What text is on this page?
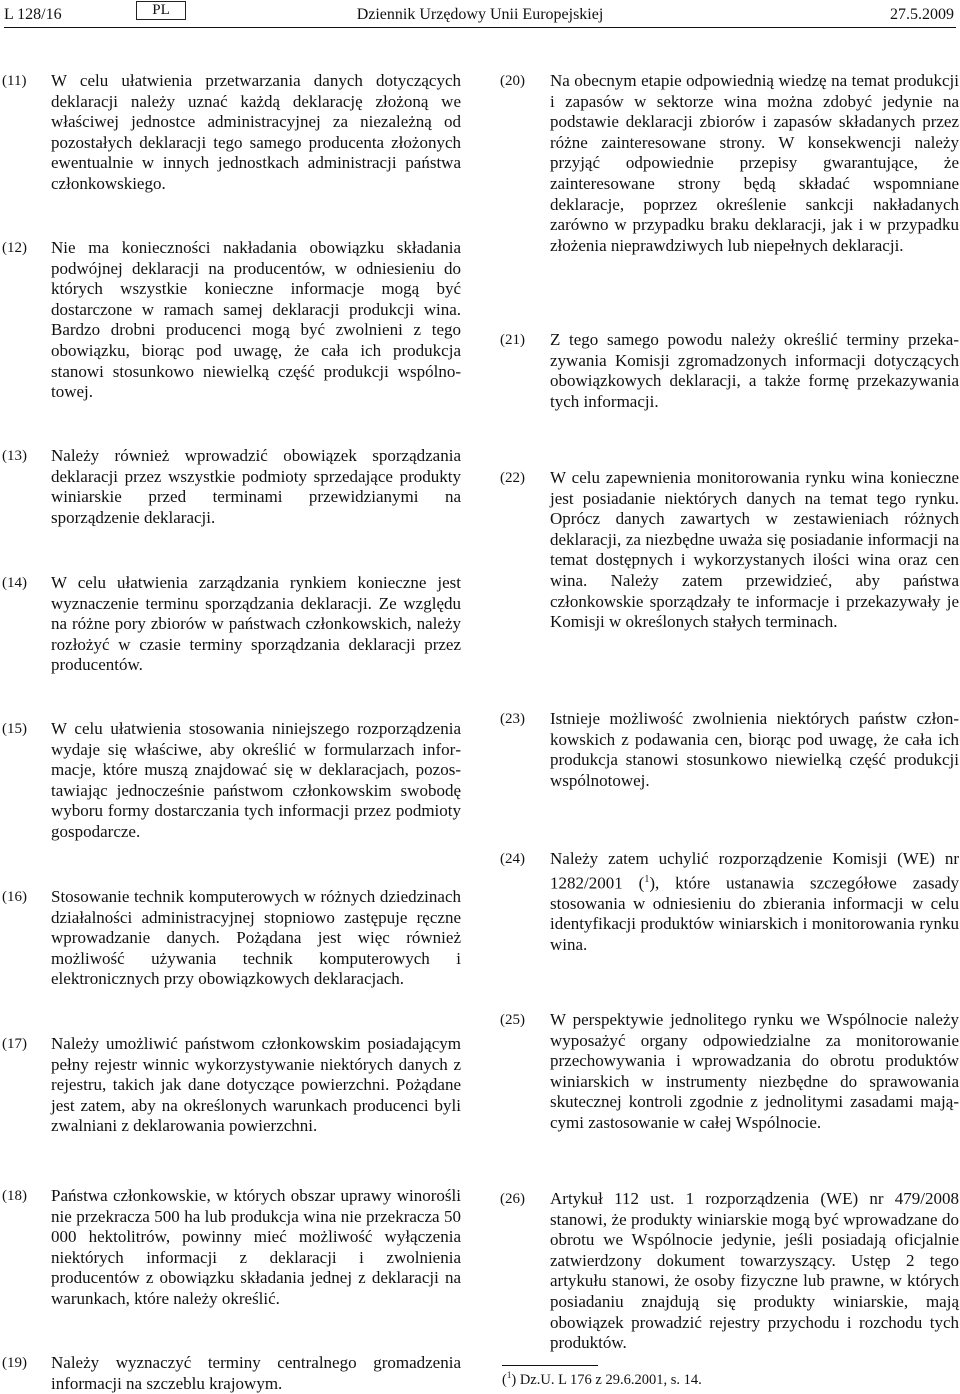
L 128/16	PL	Dziennik Urzędowy Unii Europejskiej	27.5.2009
(11) W celu ułatwienia przetwarzania danych dotyczących deklaracji należy uznać każdą deklarację złożoną we właściwej jednostce administracyjnej za niezależną od pozostałych deklaracji tego samego producenta złożonych ewentualnie w innych jednostkach administracji państwa członkowskiego.
(12) Nie ma konieczności nakładania obowiązku składania podwójnej deklaracji na producentów, w odniesieniu do których wszystkie konieczne informacje mogą być dostarczone w ramach samej deklaracji produkcji wina. Bardzo drobni producenci mogą być zwolnieni z tego obowiązku, biorąc pod uwagę, że cała ich produkcja stanowi stosunkowo niewielką część produkcji wspólnotowej.
(13) Należy również wprowadzić obowiązek sporządzania deklaracji przez wszystkie podmioty sprzedające produkty winiarskie przed terminami przewidzianymi na sporządzenie deklaracji.
(14) W celu ułatwienia zarządzania rynkiem konieczne jest wyznaczenie terminu sporządzania deklaracji. Ze względu na różne pory zbiorów w państwach członkowskich, należy rozłożyć w czasie terminy sporządzania deklaracji przez producentów.
(15) W celu ułatwienia stosowania niniejszego rozporządzenia wydaje się właściwe, aby określić w formularzach informacje, które muszą znajdować się w deklaracjach, pozostawiając jednocześnie państwom członkowskim swobodę wyboru formy dostarczania tych informacji przez podmioty gospodarcze.
(16) Stosowanie technik komputerowych w różnych dziedzinach działalności administracyjnej stopniowo zastępuje ręczne wprowadzanie danych. Pożądana jest więc również możliwość używania technik komputerowych i elektronicznych przy obowiązkowych deklaracjach.
(17) Należy umożliwić państwom członkowskim posiadającym pełny rejestr winnic wykorzystywanie niektórych danych z rejestru, takich jak dane dotyczące powierzchni. Pożądane jest zatem, aby na określonych warunkach producenci byli zwalniani z deklarowania powierzchni.
(18) Państwa członkowskie, w których obszar uprawy winorośli nie przekracza 500 ha lub produkcja wina nie przekracza 50 000 hektolitrów, powinny mieć możliwość wyłączenia niektórych informacji z deklaracji i zwolnienia producentów z obowiązku składania jednej z deklaracji na warunkach, które należy określić.
(19) Należy wyznaczyć terminy centralnego gromadzenia informacji na szczeblu krajowym.
(20) Na obecnym etapie odpowiednią wiedzę na temat produkcji i zapasów w sektorze wina można zdobyć jedynie na podstawie deklaracji zbiorów i zapasów składanych przez różne zainteresowane strony. W konsekwencji należy przyjąć odpowiednie przepisy gwarantujące, że zainteresowane strony będą składać wspomniane deklaracje, poprzez określenie sankcji nakładanych zarówno w przypadku braku deklaracji, jak i w przypadku złożenia nieprawdziwych lub niepełnych deklaracji.
(21) Z tego samego powodu należy określić terminy przekazywania Komisji zgromadzonych informacji dotyczących obowiązkowych deklaracji, a także formę przekazywania tych informacji.
(22) W celu zapewnienia monitorowania rynku wina konieczne jest posiadanie niektórych danych na temat tego rynku. Oprócz danych zawartych w zestawieniach różnych deklaracji, za niezbędne uważa się posiadanie informacji na temat dostępnych i wykorzystanych ilości wina oraz cen wina. Należy zatem przewidzieć, aby państwa członkowskie sporządzały te informacje i przekazywały je Komisji w określonych stałych terminach.
(23) Istnieje możliwość zwolnienia niektórych państw członkowskich z podawania cen, biorąc pod uwagę, że cała ich produkcja stanowi stosunkowo niewielką część produkcji wspólnotowej.
(24) Należy zatem uchylić rozporządzenie Komisji (WE) nr 1282/2001 ($^1$), które ustanawia szczegółowe zasady stosowania w odniesieniu do zbierania informacji w celu identyfikacji produktów winiarskich i monitorowania rynku wina.
(25) W perspektywie jednolitego rynku we Wspólnocie należy wyposażyć organy odpowiedzialne za monitorowanie przechowywania i wprowadzania do obrotu produktów winiarskich w instrumenty niezbędne do sprawowania skutecznej kontroli zgodnie z jednolitymi zasadami mającymi zastosowanie w całej Wspólnocie.
(26) Artykuł 112 ust. 1 rozporządzenia (WE) nr 479/2008 stanowi, że produkty winiarskie mogą być wprowadzane do obrotu we Wspólnocie jedynie, jeśli posiadają oficjalnie zatwierdzony dokument towarzyszący. Ustęp 2 tego artykułu stanowi, że osoby fizyczne lub prawne, w których posiadaniu znajdują się produkty winiarskie, mają obowiązek prowadzić rejestry przychodu i rozchodu tych produktów.
($^1$) Dz.U. L 176 z 29.6.2001, s. 14.
